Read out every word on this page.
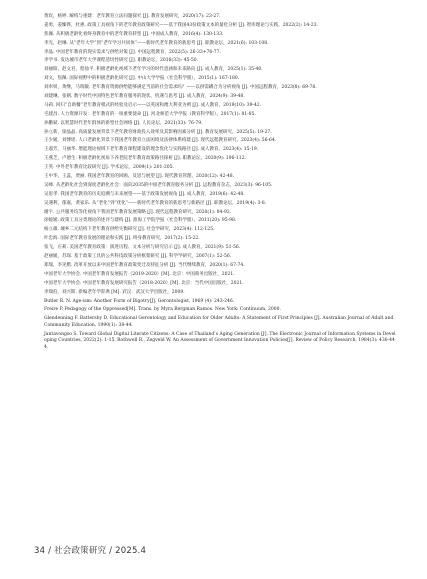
黄玫，杨婷. 解构与重建：老年教育立法问题探究 [J]. 教育发展研究，2020(17): 23-27.
姜勇，姜臻铧，杜惠. 政策工具视角下的老年教育政策研究——基于我国43份政策文本的量化分析 [J]. 智库理论与实践，2022(2): 14-23.
焦佩. 从积极老龄化看终身教育中的老年教育转型 [J]. 中国成人教育，2016(4): 130-133.
李光，赵琳. 从“老年大学”到“老年学习共同体”——新时代老年教育的新思考 [J]. 职教论坛，2021(6): 103-108.
李晶. 中国老年教育的现实需求与供给对策 [J]. 中国远程教育，2022(5): 26-33+76-77.
李学书. 发达城市老年大学课程适切性研究 [J]. 职教论坛，2016(33): 45-50.
刘丽阳，赵文君，程仙平. 积极老龄化视域下老年学习的时代意涵和未来路向 [J]. 成人教育，2025(1): 35-40.
刘文，焦佩. 国际视野中的积极老龄化研究 [J]. 中山大学学报（社会科学版），2015(1): 167-180.
刘奉妍，黄继，马瑞敏. 老年教育资源供给能够满足当前的社会需求吗？——以供需耦合为分析视角 [J]. 中国远程教育，2023(8): 69-78.
刘建琳，张朝. 数字时代中国特色老年教育服务的现状、机遇与思考 [J]. 成人教育，2024(9): 39-48.
马莉. 回归“自助餐”老年教育模式的经验及启示——以英国和澳大利亚为例 [J]. 成人教育，2019(10): 39-42.
毛建昌. 人力资源开发：老年教育的一项重要使命 [J]. 河北师范大学学报（教育科学版），2017(1): 81-85.
孙鹏斌. 以智慧时代老年群体的新型社会网络 [J]. 人民论坛，2021(33): 76-79.
孙立新，梁晶晶. 高质量发展背景下老年教育财政投入效率及其影响因素分析 [J]. 教育发展研究，2025(5): 19-27.
王少媛，刘博瑶. 人口老龄化背景下我国老年教育立法困境及法律体系构建 [J]. 现代远程教育研究，2023(4): 56-64.
王淑芳，马丽华. 增能理论视域下老年教育课程建设的理念优化与实践路径 [J]. 成人教育，2023(4): 15-19.
王燕芝，卢德生. 积极老龄化视角下养老院老年教育政策路径探析 [J]. 职教论坛，2020(9): 106-112.
王英. 中外老年教育比较研究 [J]. 学术论坛，2009(1): 201-205.
王中华，王蕊，贾丽. 我国老年教育的回顾、反思与展望 [J]. 现代教育管理，2020(12): 42-48.
吴峰. 从老龄化社会到深度老龄化社会：面向2035的中国老年教育服务分析 [J]. 远程教育杂志，2023(3): 96-105.
吴思孝. 我国老年教育的历史追溯与未来展望——基于政策发展视角 [J]. 成人教育，2019(6): 42-48.
吴遇利，郁嘉，黄家乐. 从“老化”到“优化”——新时代老年教育的新思考与新路径 [J]. 职教论坛，2019(4): 3-8.
谢宇. 公共服务均等化视角下我国老年教育发展策略 [J]. 现代远程教育研究，2020(1): 84-92.
徐媛媛. 政策工具分类理论的述评与建构 [J]. 淮海工学院学报（社会科学版），2011(20): 95-98.
杨立雄. 城乡二元结构下老年教育供给失衡研究 [J]. 社会学研究，2023(4): 112-125.
叶忠海. 国际老年教育发展的理论和实践 [J]. 终身教育研究，2017(2): 15-22.
张飞，庄莉. 美国老年教育政策：演进历程、文本分析与研究启示 [J]. 成人教育，2021(9): 51-56.
赵丽媛，苏琛. 基于政策工具的公共科技政策分析框架研究 [J]. 科学学研究，2007(1): 52-56.
郑瑞，李见楷. 改革开放以来中国老年教育政策变迁及特征分析 [J]. 当代继续教育，2020(1): 67-74.
中国老年大学协会. 中国老年教育发展报告（2019-2020）[M]. 北京：中国商务出版社，2021.
中国老年大学协会. 中国老年教育发展研究报告（2018-2020）[M]. 北京：当代中国出版社，2021.
李瑞伯，刘兴斯. 新编老年学辞典 [M]. 武汉：武汉大学出版社，2009.
Butler R. N. Age-ism: Another Form of Bigotry[J]. Gerontologist, 1969 (4): 243-246.
Freire P. Pedagogy of the Oppressed[M]. Trans. by Myra Bergman Ramos. New York: Continuum, 2000.
Glendenning F. Battersby D. Educational Gerontology and Education for Older Adults: A Statement of First Principles [J]. Australian Journal of Adult and Community Education, 1990(1): 38-44.
Jantavongso S. Toward Global Digital Literate Citizens: A Case of Thailand’s Aging Generation [J]. The Electronic Journal of Information Systems in Developing Countries, 2022(2): 1-15. Rothwell R., Zegveld W. An Assessment of Government Innovation Policies[J]. Review of Policy Research, 1984(3): 436-444.
34 / 社会政策研究 / 2025.4
